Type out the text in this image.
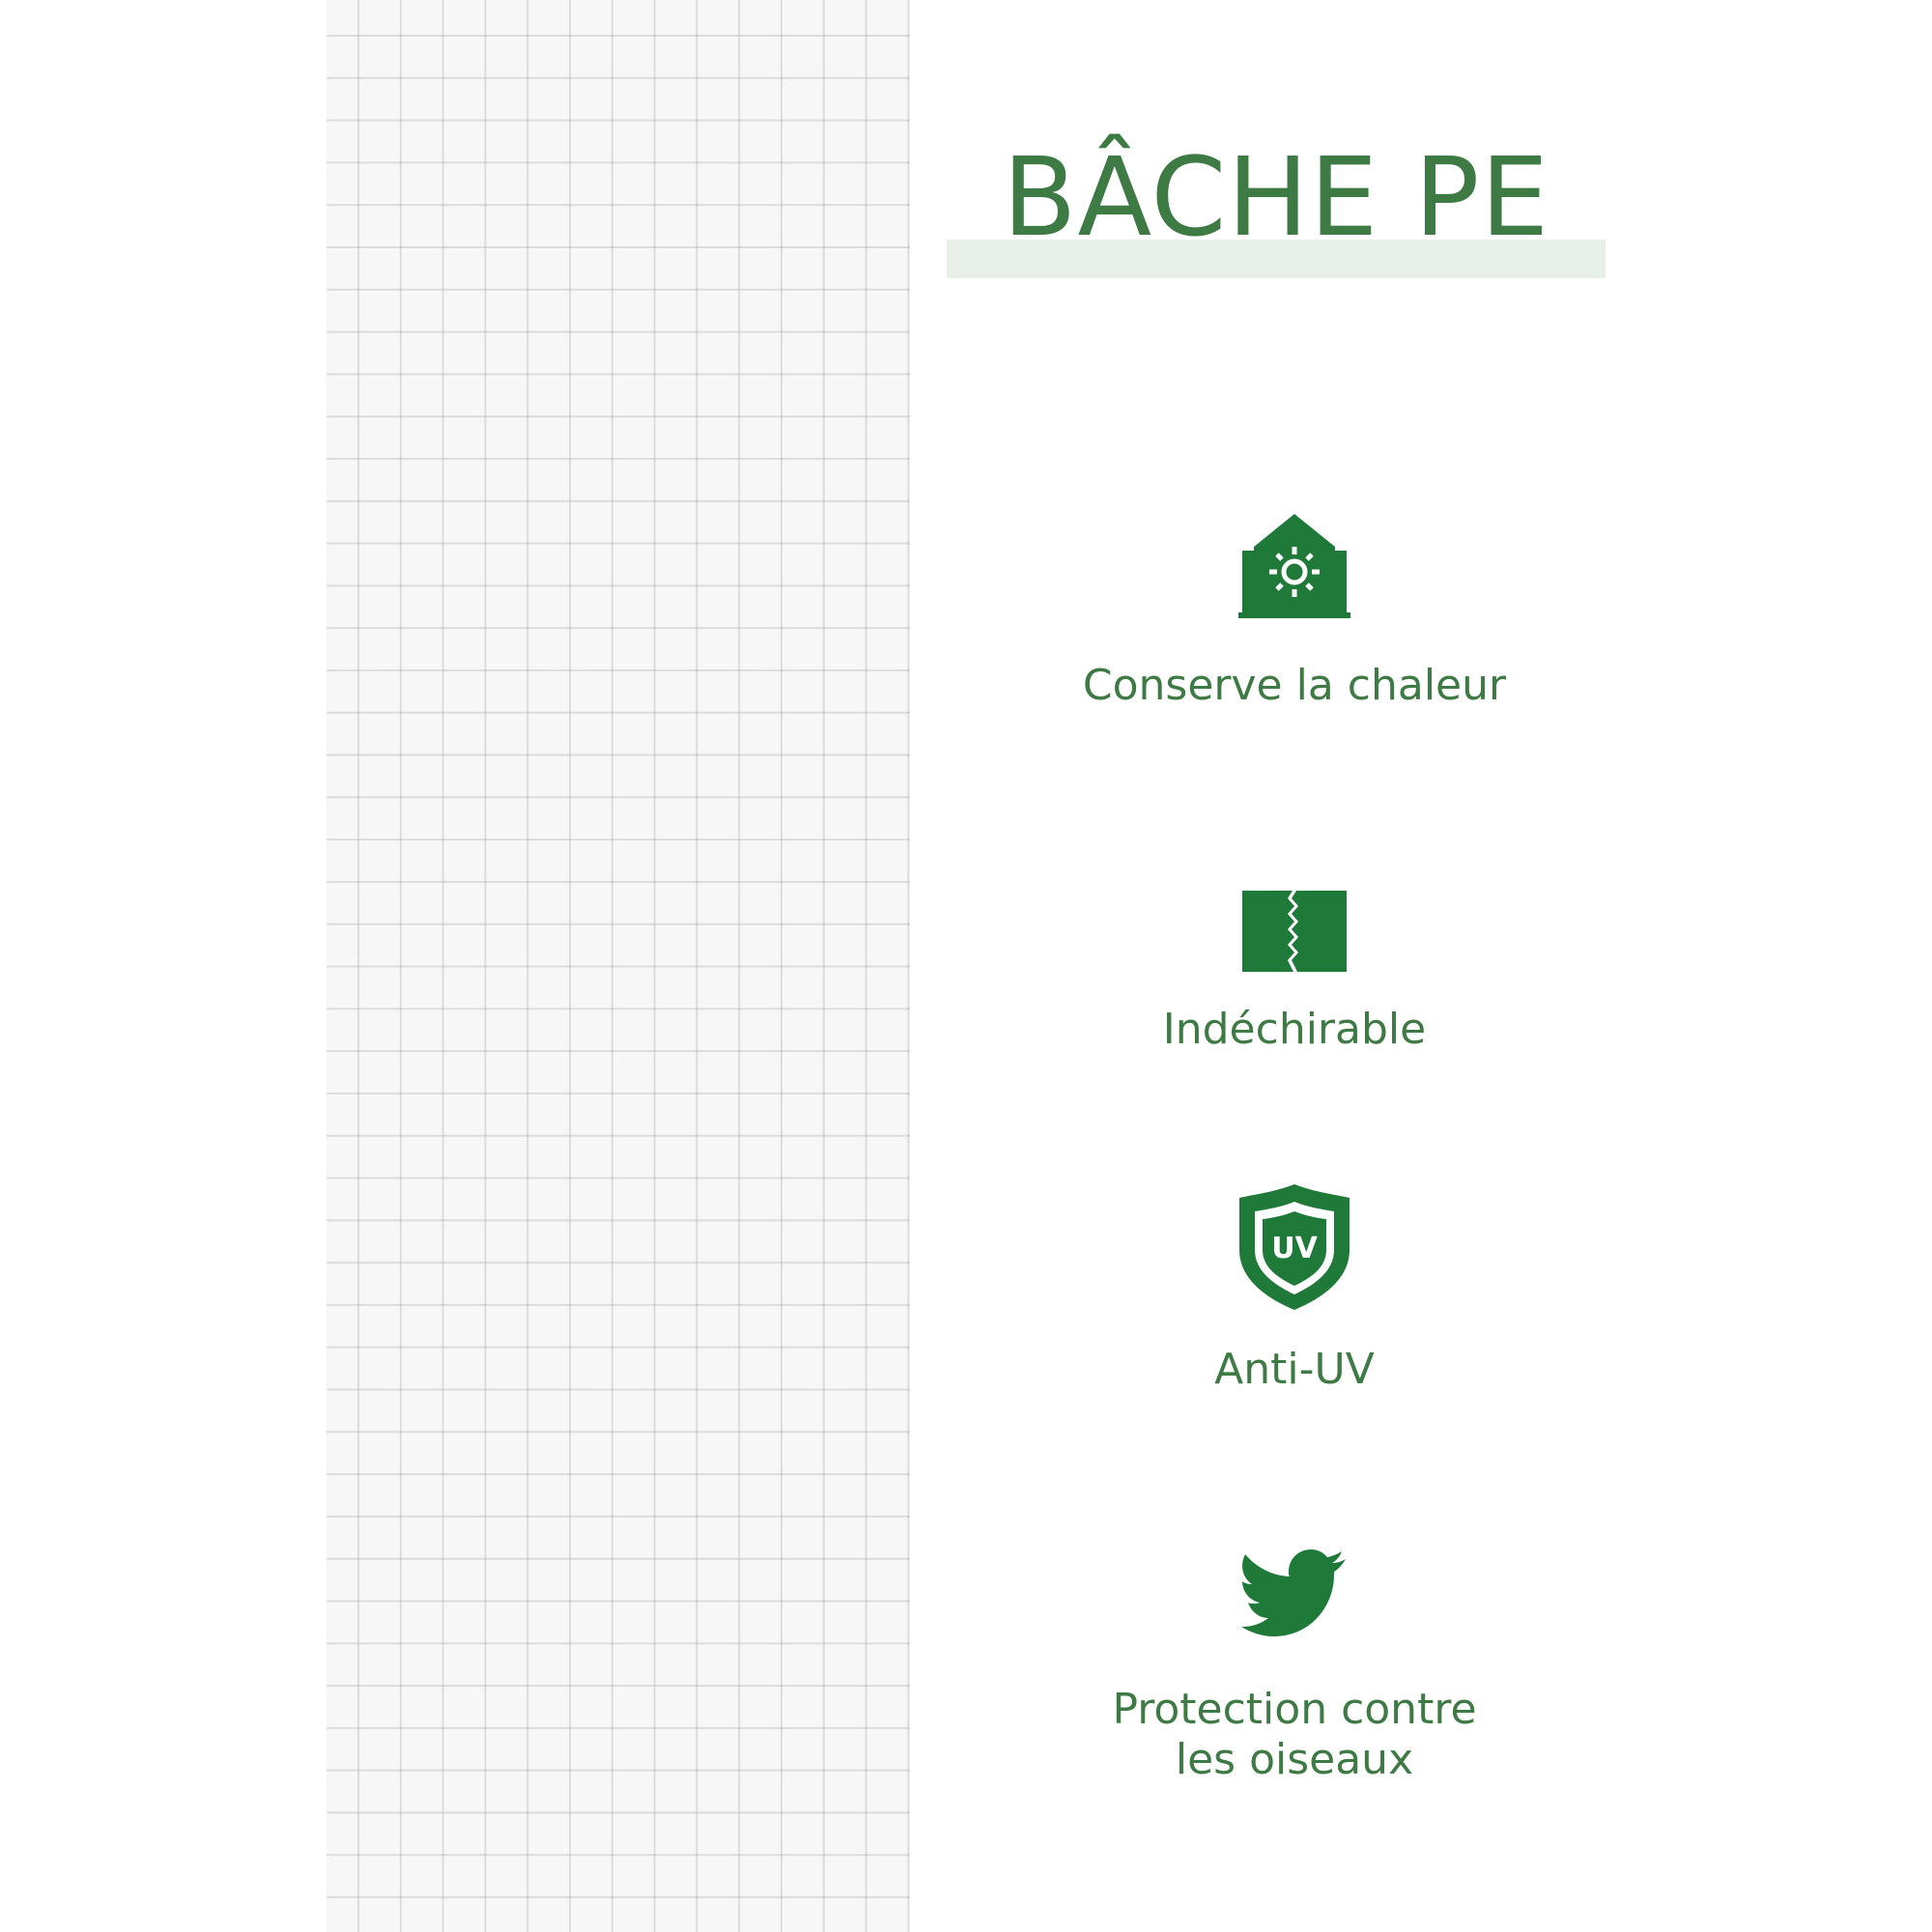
BÂCHE PE
Conserve la chaleur
Indéchirable
UV
Anti-UV
Protection contre
les oiseaux
